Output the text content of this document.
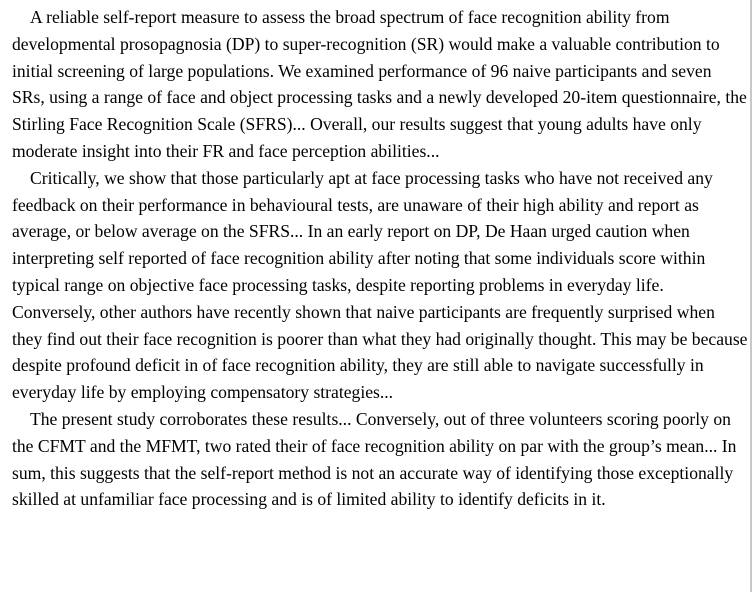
A reliable self-report measure to assess the broad spectrum of face recognition ability from developmental prosopagnosia (DP) to super-recognition (SR) would make a valuable contribution to initial screening of large populations. We examined performance of 96 naive participants and seven SRs, using a range of face and object processing tasks and a newly developed 20-item questionnaire, the Stirling Face Recognition Scale (SFRS)... Overall, our results suggest that young adults have only moderate insight into their FR and face perception abilities...

Critically, we show that those particularly apt at face processing tasks who have not received any feedback on their performance in behavioural tests, are unaware of their high ability and report as average, or below average on the SFRS... In an early report on DP, De Haan urged caution when interpreting self reported of face recognition ability after noting that some individuals score within typical range on objective face processing tasks, despite reporting problems in everyday life. Conversely, other authors have recently shown that naive participants are frequently surprised when they find out their face recognition is poorer than what they had originally thought. This may be because despite profound deficit in of face recognition ability, they are still able to navigate successfully in everyday life by employing compensatory strategies...

The present study corroborates these results... Conversely, out of three volunteers scoring poorly on the CFMT and the MFMT, two rated their of face recognition ability on par with the group’s mean... In sum, this suggests that the self-report method is not an accurate way of identifying those exceptionally skilled at unfamiliar face processing and is of limited ability to identify deficits in it.
